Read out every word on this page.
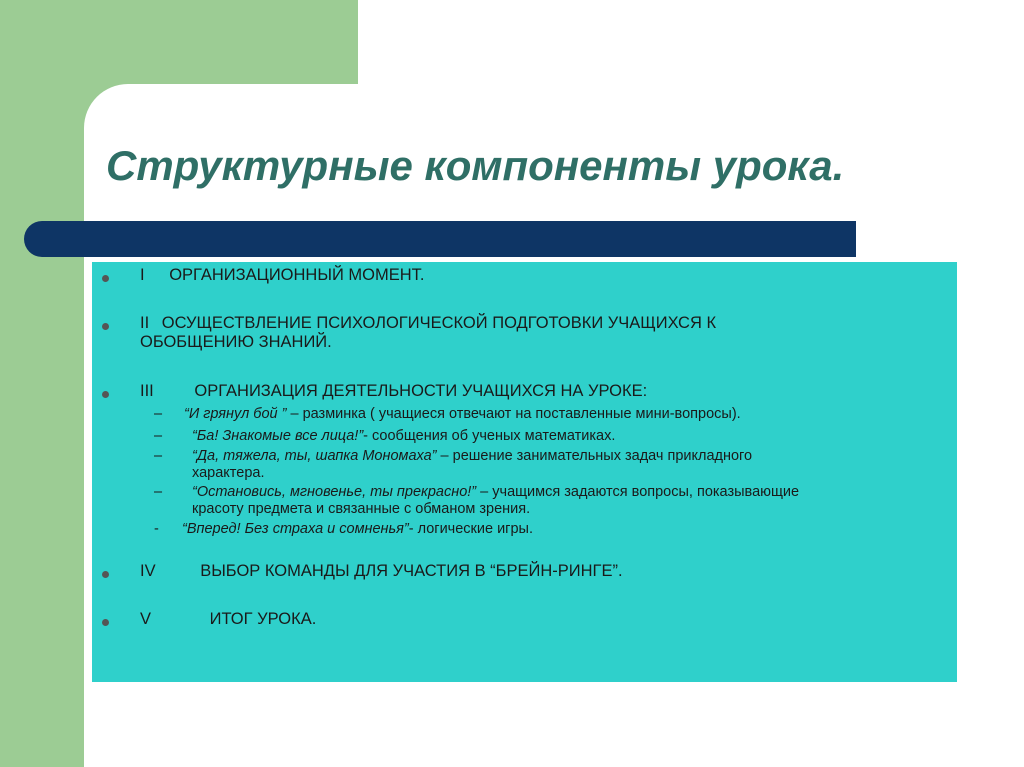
Структурные компоненты урока.
I ОРГАНИЗАЦИОННЫЙ МОМЕНТ.
II ОСУЩЕСТВЛЕНИЕ ПСИХОЛОГИЧЕСКОЙ ПОДГОТОВКИ УЧАЩИХСЯ К
ОБОБЩЕНИЮ ЗНАНИЙ.
III ОРГАНИЗАЦИЯ ДЕЯТЕЛЬНОСТИ УЧАЩИХСЯ НА УРОКЕ:
– “И грянул бой ” – разминка ( учащиеся отвечают на поставленные мини-вопросы).
– “Ба! Знакомые все лица!”- сообщения об ученых математиках.
– “Да, тяжела, ты, шапка Мономаха” – решение занимательных задач прикладного
характера.
– “Остановись, мгновенье, ты прекрасно!” – учащимся задаются вопросы, показывающие
красоту предмета и связанные с обманом зрения.
- “Вперед! Без страха и сомненья”- логические игры.
IV	ВЫБОР КОМАНДЫ ДЛЯ УЧАСТИЯ В “БРЕЙН-РИНГЕ”.
V	ИТОГ УРОКА.
